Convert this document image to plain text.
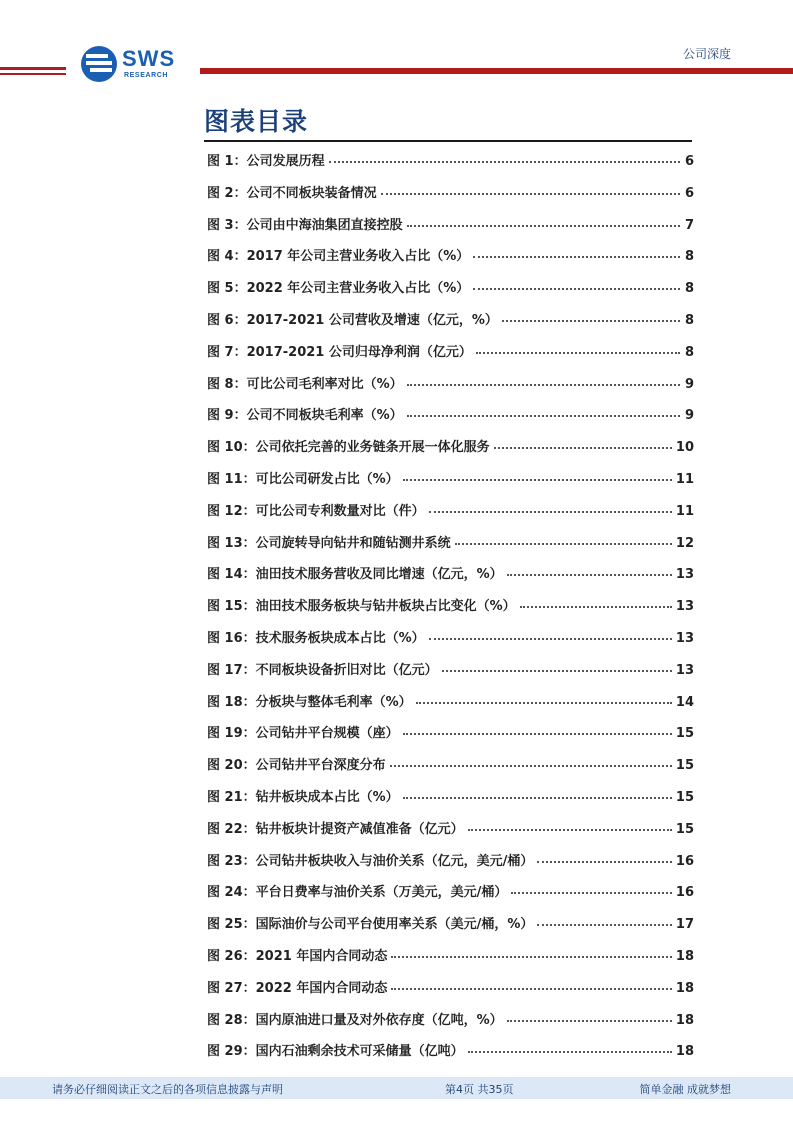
SWS
RESEARCH
公司深度
图表目录
图 1：公司发展历程	6
图 2：公司不同板块装备情况	6
图 3：公司由中海油集团直接控股	7
图 4：2017 年公司主营业务收入占比（%）	8
图 5：2022 年公司主营业务收入占比（%）	8
图 6：2017-2021 公司营收及增速（亿元，%）	8
图 7：2017-2021 公司归母净利润（亿元）	8
图 8：可比公司毛利率对比（%）	9
图 9：公司不同板块毛利率（%）	9
图 10：公司依托完善的业务链条开展一体化服务	10
图 11：可比公司研发占比（%）	11
图 12：可比公司专利数量对比（件）	11
图 13：公司旋转导向钻井和随钻测井系统	12
图 14：油田技术服务营收及同比增速（亿元，%）	13
图 15：油田技术服务板块与钻井板块占比变化（%）	13
图 16：技术服务板块成本占比（%）	13
图 17：不同板块设备折旧对比（亿元）	13
图 18：分板块与整体毛利率（%）	14
图 19：公司钻井平台规模（座）	15
图 20：公司钻井平台深度分布	15
图 21：钻井板块成本占比（%）	15
图 22：钻井板块计提资产减值准备（亿元）	15
图 23：公司钻井板块收入与油价关系（亿元，美元/桶）	16
图 24：平台日费率与油价关系（万美元，美元/桶）	16
图 25：国际油价与公司平台使用率关系（美元/桶，%）	17
图 26：2021 年国内合同动态	18
图 27：2022 年国内合同动态	18
图 28：国内原油进口量及对外依存度（亿吨，%）	18
图 29：国内石油剩余技术可采储量（亿吨）	18
请务必仔细阅读正文之后的各项信息披露与声明	第4页 共35页	简单金融 成就梦想
